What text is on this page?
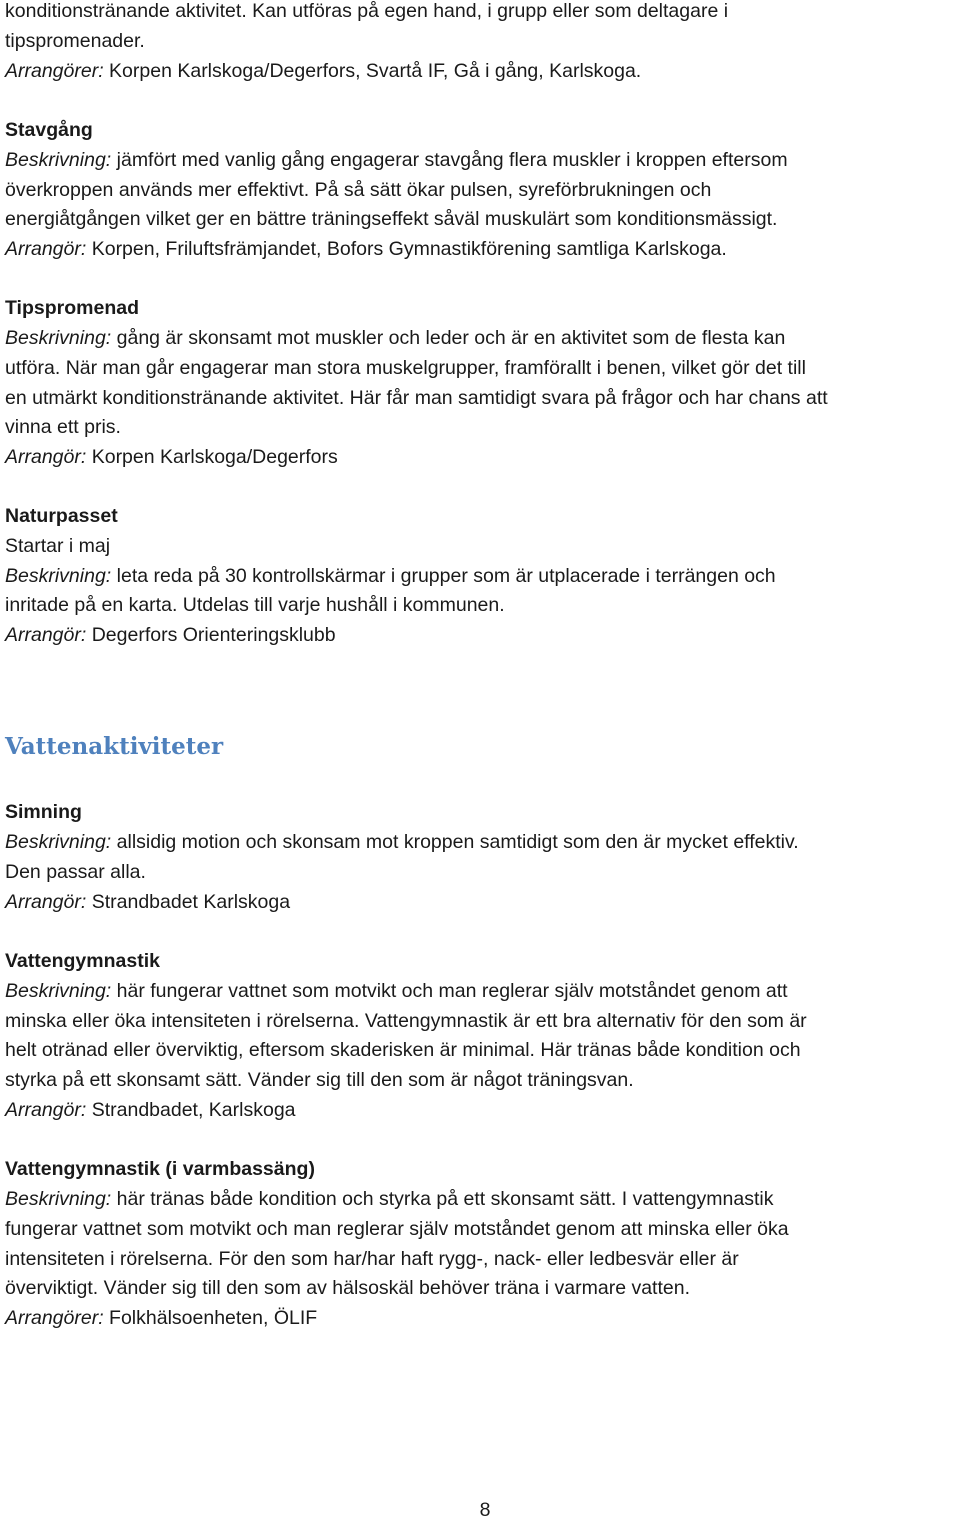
konditionstränande aktivitet. Kan utföras på egen hand, i grupp eller som deltagare i
tipspromenader.
Arrangörer: Korpen Karlskoga/Degerfors, Svartå IF, Gå i gång, Karlskoga.
Stavgång
Beskrivning: jämfört med vanlig gång engagerar stavgång flera muskler i kroppen eftersom
överkroppen används mer effektivt. På så sätt ökar pulsen, syreförbrukningen och
energiåtgången vilket ger en bättre träningseffekt såväl muskulärt som konditionsmässigt.
Arrangör: Korpen, Friluftsfrämjandet, Bofors Gymnastikförening samtliga Karlskoga.
Tipspromenad
Beskrivning: gång är skonsamt mot muskler och leder och är en aktivitet som de flesta kan
utföra. När man går engagerar man stora muskelgrupper, framförallt i benen, vilket gör det till
en utmärkt konditionstränande aktivitet. Här får man samtidigt svara på frågor och har chans att
vinna ett pris.
Arrangör: Korpen Karlskoga/Degerfors
Naturpasset
Startar i maj
Beskrivning: leta reda på 30 kontrollskärmar i grupper som är utplacerade i terrängen och
inritade på en karta. Utdelas till varje hushåll i kommunen.
Arrangör: Degerfors Orienteringsklubb
Vattenaktiviteter
Simning
Beskrivning: allsidig motion och skonsam mot kroppen samtidigt som den är mycket effektiv.
Den passar alla.
Arrangör: Strandbadet Karlskoga
Vattengymnastik
Beskrivning: här fungerar vattnet som motvikt och man reglerar själv motståndet genom att
minska eller öka intensiteten i rörelserna. Vattengymnastik är ett bra alternativ för den som är
helt otränad eller överviktig, eftersom skaderisken är minimal. Här tränas både kondition och
styrka på ett skonsamt sätt. Vänder sig till den som är något träningsvan.
Arrangör: Strandbadet, Karlskoga
Vattengymnastik (i varmbassäng)
Beskrivning: här tränas både kondition och styrka på ett skonsamt sätt. I vattengymnastik
fungerar vattnet som motvikt och man reglerar själv motståndet genom att minska eller öka
intensiteten i rörelserna. För den som har/har haft rygg-, nack- eller ledbesvär eller är
överviktigt. Vänder sig till den som av hälsoskäl behöver träna i varmare vatten.
Arrangörer: Folkhälsoenheten, ÖLIF
8
